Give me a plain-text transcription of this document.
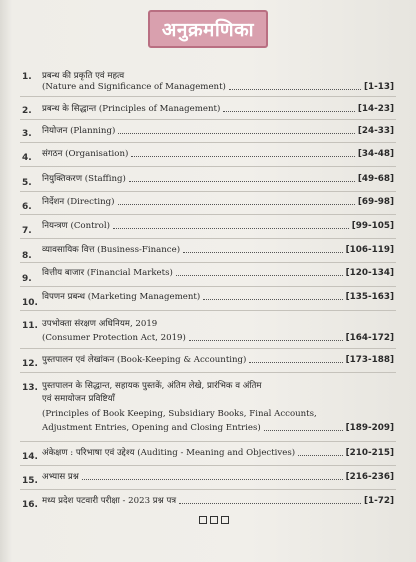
अनुक्रमणिका
1. प्रबन्ध की प्रकृति एवं महत्व
(Nature and Significance of Management)	[1-13]
2. प्रबन्ध के सिद्धान्त (Principles of Management)	[14-23]
3. नियोजन (Planning)	[24-33]
4. संगठन (Organisation)	[34-48]
5. नियुक्तिकरण (Staffing)	[49-68]
6. निर्देशन (Directing)	[69-98]
7. नियन्त्रण (Control)	[99-105]
8.
व्यावसायिक वित्त (Business-Finance)	[106-119]
9.
वित्तीय बाजार (Financial Markets)	[120-134]
10.
विपणन प्रबन्ध (Marketing Management)	[135-163]
11. उपभोक्ता संरक्षण अधिनियम, 2019
(Consumer Protection Act, 2019)	[164-172]
12. पुस्तपालन एवं लेखांकन (Book-Keeping & Accounting)	[173-188]
13. पुस्तपालन के सिद्धान्त, सहायक पुस्तकें, अंतिम लेखे, प्रारंभिक व अंतिम
एवं समायोजन प्रविष्टियाँ
(Principles of Book Keeping, Subsidiary Books, Final Accounts,
Adjustment Entries, Opening and Closing Entries)	[189-209]
14. अंकेक्षण : परिभाषा एवं उद्देश्य (Auditing - Meaning and Objectives)	[210-215]
15. अभ्यास प्रश्न	[216-236]
16. मध्य प्रदेश पटवारी परीक्षा - 2023 प्रश्न पत्र	[1-72]
